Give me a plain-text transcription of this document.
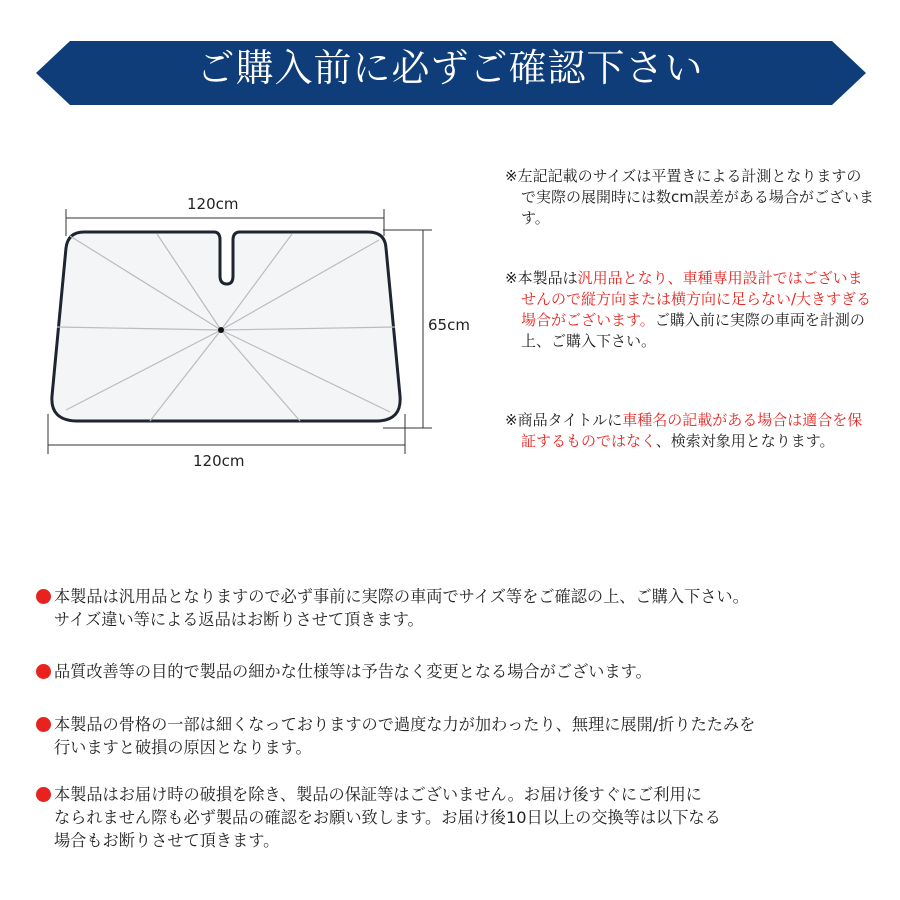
ご購入前に必ずご確認下さい
120cm
65cm
120cm

※左記記載のサイズは平置きによる計測となりますので実際の展開時には数cm誤差がある場合がございます。

※本製品は汎用品となり、車種専用設計ではございませんので縦方向または横方向に足らない/大きすぎる場合がございます。ご購入前に実際の車両を計測の上、ご購入下さい。

※商品タイトルに車種名の記載がある場合は適合を保証するものではなく、検索対象用となります。

本製品は汎用品となりますので必ず事前に実際の車両でサイズ等をご確認の上、ご購入下さい。
サイズ違い等による返品はお断りさせて頂きます。
品質改善等の目的で製品の細かな仕様等は予告なく変更となる場合がございます。
本製品の骨格の一部は細くなっておりますので過度な力が加わったり、無理に展開/折りたたみを
行いますと破損の原因となります。
本製品はお届け時の破損を除き、製品の保証等はございません。お届け後すぐにご利用に
なられません際も必ず製品の確認をお願い致します。お届け後10日以上の交換等は以下なる
場合もお断りさせて頂きます。
